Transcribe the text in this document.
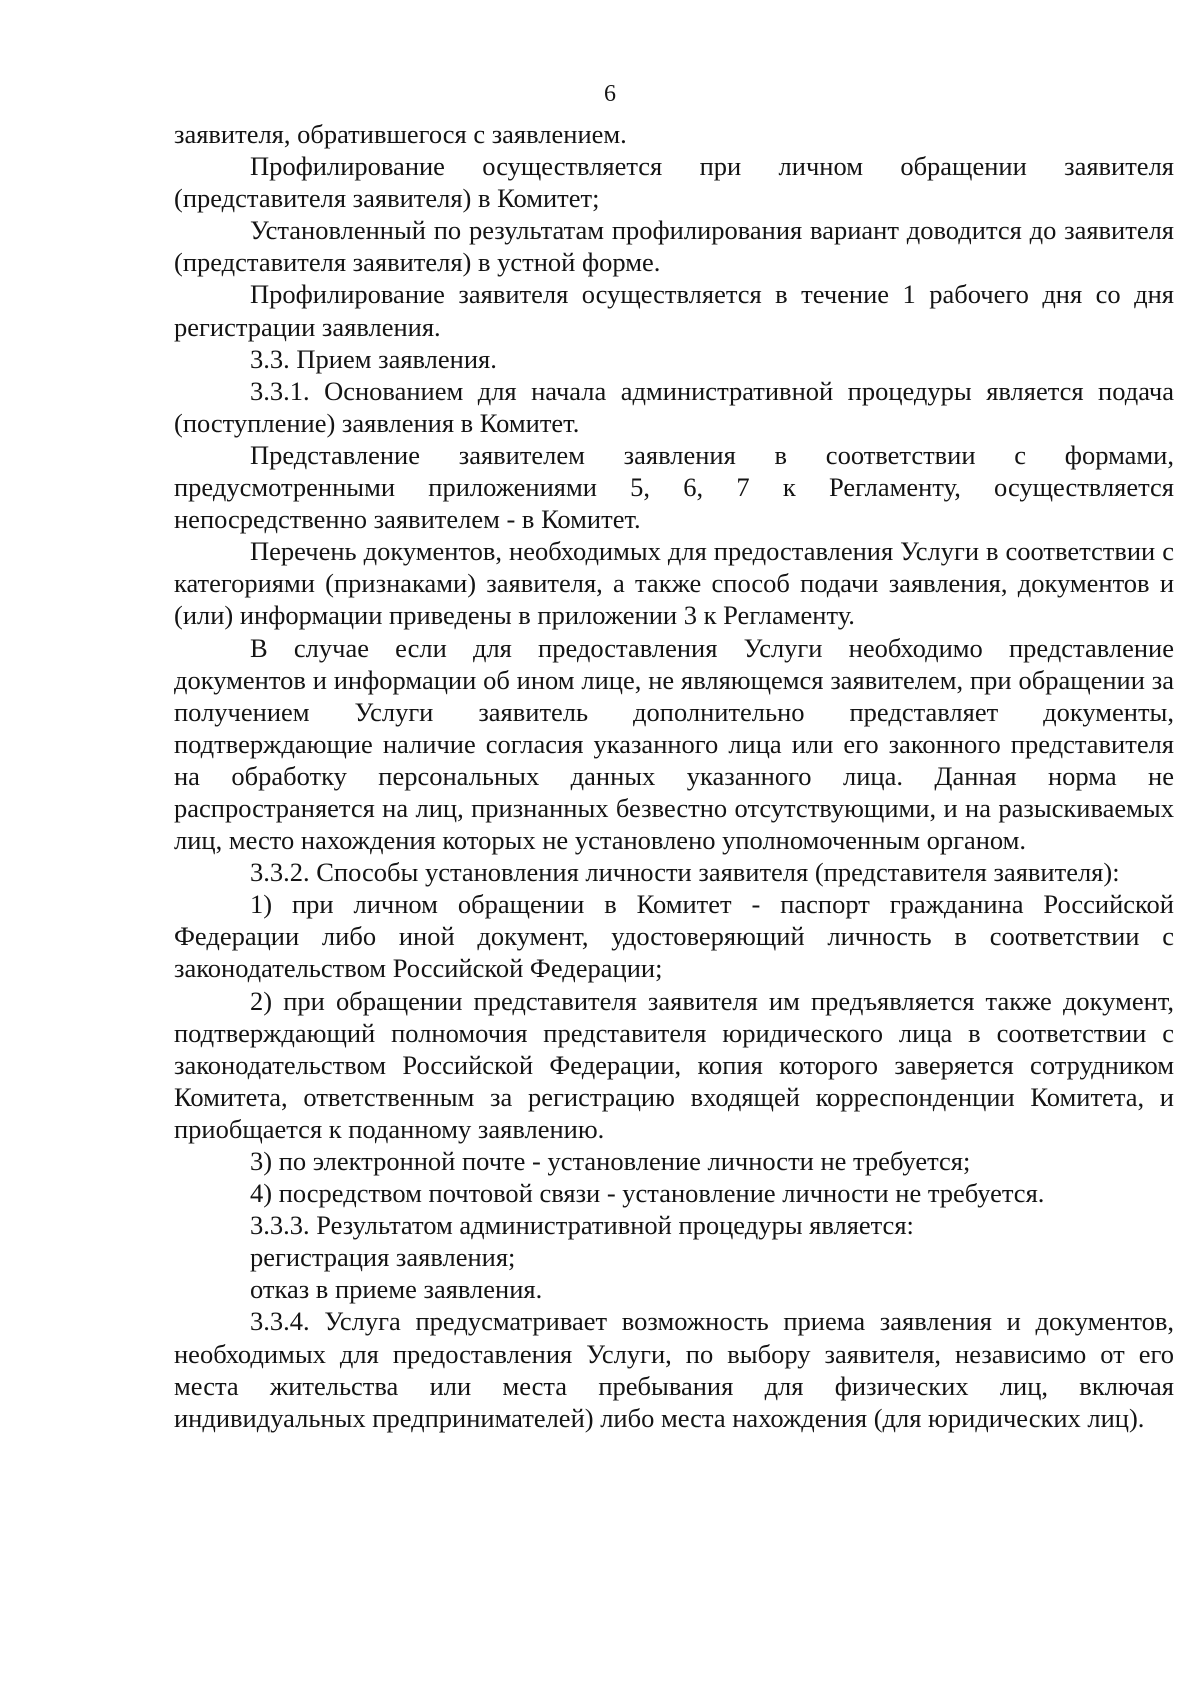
6

заявителя, обратившегося с заявлением.

Профилирование осуществляется при личном обращении заявителя (представителя заявителя) в Комитет;

Установленный по результатам профилирования вариант доводится до заявителя (представителя заявителя) в устной форме.

Профилирование заявителя осуществляется в течение 1 рабочего дня со дня регистрации заявления.

3.3. Прием заявления.

3.3.1. Основанием для начала административной процедуры является подача (поступление) заявления в Комитет.

Представление заявителем заявления в соответствии с формами, предусмотренными приложениями 5, 6, 7 к Регламенту, осуществляется непосредственно заявителем - в Комитет.

Перечень документов, необходимых для предоставления Услуги в соответствии с категориями (признаками) заявителя, а также способ подачи заявления, документов и (или) информации приведены в приложении 3 к Регламенту.

В случае если для предоставления Услуги необходимо представление документов и информации об ином лице, не являющемся заявителем, при обращении за получением Услуги заявитель дополнительно представляет документы, подтверждающие наличие согласия указанного лица или его законного представителя на обработку персональных данных указанного лица. Данная норма не распространяется на лиц, признанных безвестно отсутствующими, и на разыскиваемых лиц, место нахождения которых не установлено уполномоченным органом.

3.3.2. Способы установления личности заявителя (представителя заявителя):

1) при личном обращении в Комитет - паспорт гражданина Российской Федерации либо иной документ, удостоверяющий личность в соответствии с законодательством Российской Федерации;

2) при обращении представителя заявителя им предъявляется также документ, подтверждающий полномочия представителя юридического лица в соответствии с законодательством Российской Федерации, копия которого заверяется сотрудником Комитета, ответственным за регистрацию входящей корреспонденции Комитета, и приобщается к поданному заявлению.

3) по электронной почте - установление личности не требуется;

4) посредством почтовой связи - установление личности не требуется.

3.3.3. Результатом административной процедуры является:

регистрация заявления;

отказ в приеме заявления.

3.3.4. Услуга предусматривает возможность приема заявления и документов, необходимых для предоставления Услуги, по выбору заявителя, независимо от его места жительства или места пребывания для физических лиц, включая индивидуальных предпринимателей) либо места нахождения (для юридических лиц).
